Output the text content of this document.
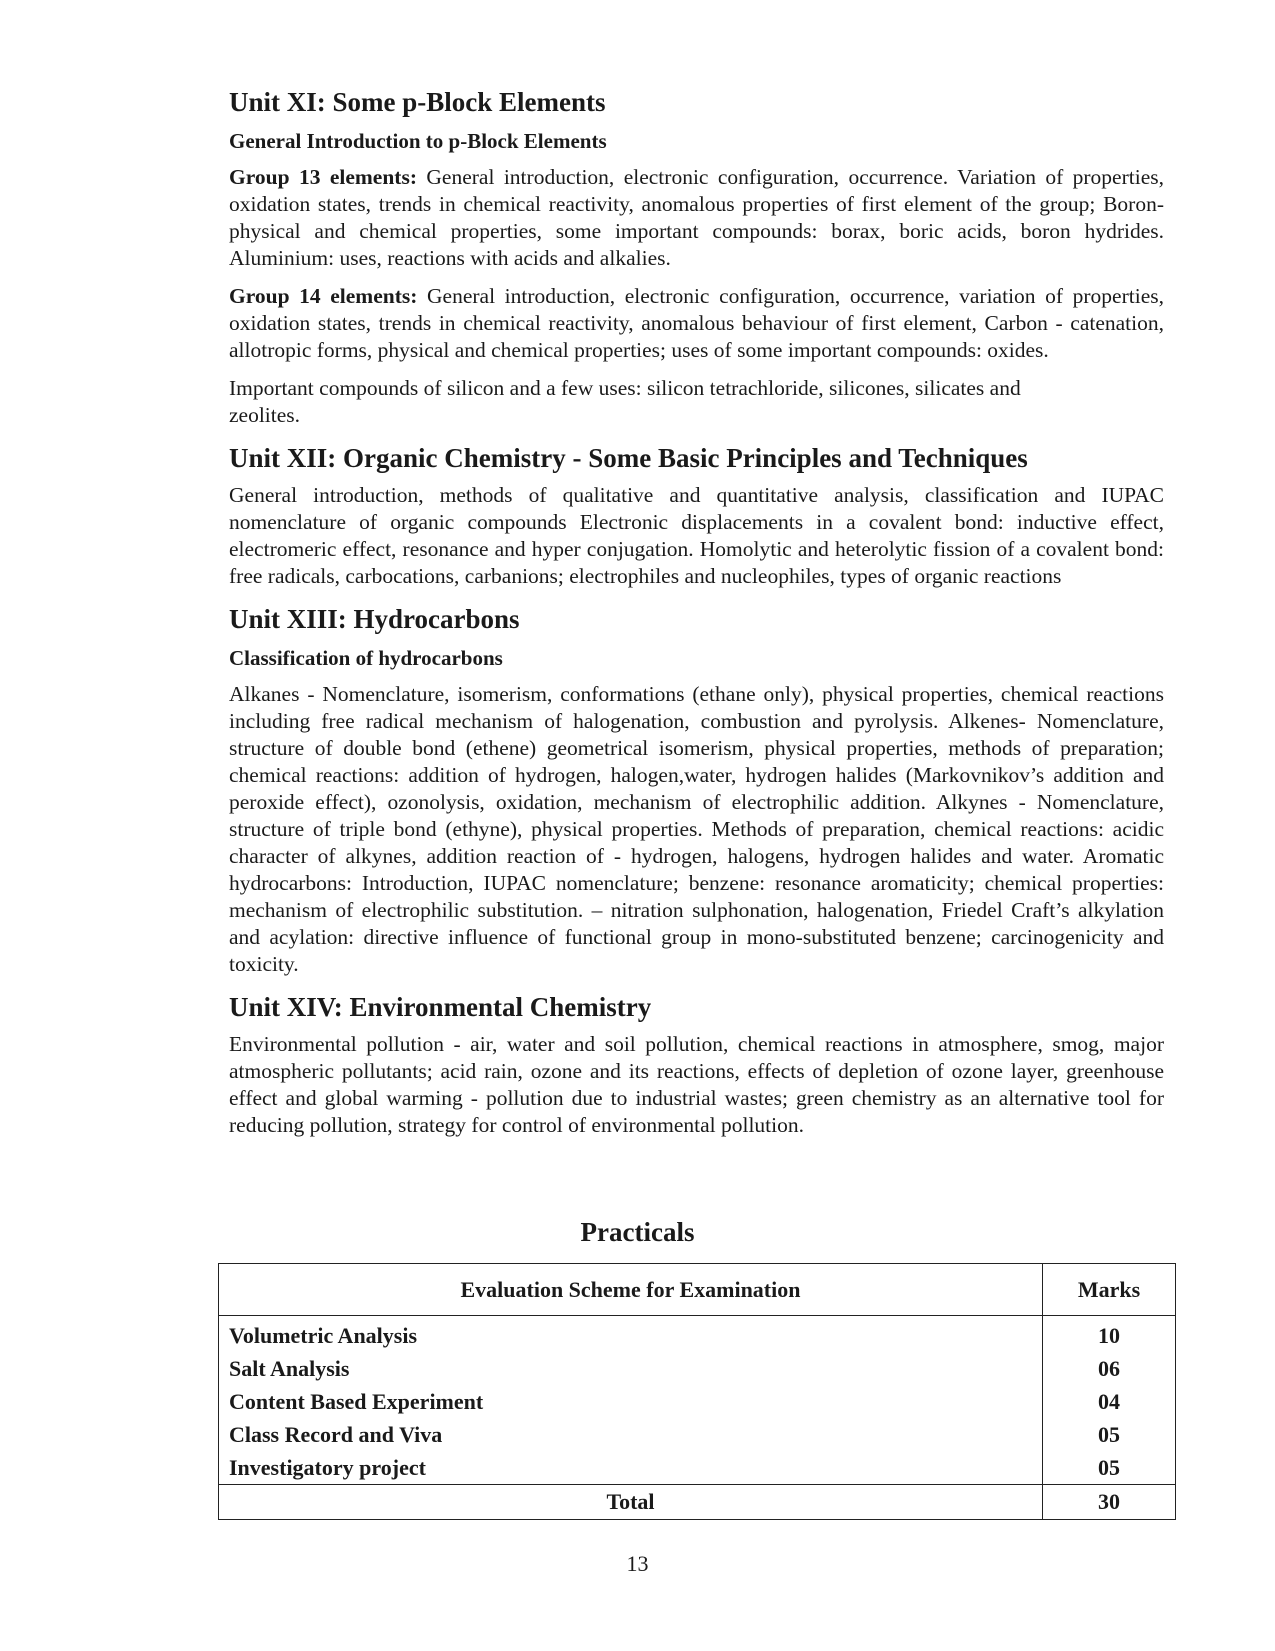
Unit XI: Some p-Block Elements
General Introduction to p-Block Elements

Group 13 elements: General introduction, electronic configuration, occurrence. Variation of properties, oxidation states, trends in chemical reactivity, anomalous properties of first element of the group; Boron- physical and chemical properties, some important compounds: borax, boric acids, boron hydrides. Aluminium: uses, reactions with acids and alkalies.

Group 14 elements: General introduction, electronic configuration, occurrence, variation of properties, oxidation states, trends in chemical reactivity, anomalous behaviour of first element, Carbon - catenation, allotropic forms, physical and chemical properties; uses of some important compounds: oxides.

Important compounds of silicon and a few uses: silicon tetrachloride, silicones, silicates and zeolites.

Unit XII: Organic Chemistry - Some Basic Principles and Techniques

General introduction, methods of qualitative and quantitative analysis, classification and IUPAC nomenclature of organic compounds Electronic displacements in a covalent bond: inductive effect, electromeric effect, resonance and hyper conjugation. Homolytic and heterolytic fission of a covalent bond: free radicals, carbocations, carbanions; electrophiles and nucleophiles, types of organic reactions

Unit XIII: Hydrocarbons
Classification of hydrocarbons

Alkanes - Nomenclature, isomerism, conformations (ethane only), physical properties, chemical reactions including free radical mechanism of halogenation, combustion and pyrolysis. Alkenes- Nomenclature, structure of double bond (ethene) geometrical isomerism, physical properties, methods of preparation; chemical reactions: addition of hydrogen, halogen,water, hydrogen halides (Markovnikov’s addition and peroxide effect), ozonolysis, oxidation, mechanism of electrophilic addition. Alkynes - Nomenclature, structure of triple bond (ethyne), physical properties. Methods of preparation, chemical reactions: acidic character of alkynes, addition reaction of - hydrogen, halogens, hydrogen halides and water. Aromatic hydrocarbons: Introduction, IUPAC nomenclature; benzene: resonance aromaticity; chemical properties: mechanism of electrophilic substitution. – nitration sulphonation, halogenation, Friedel Craft’s alkylation and acylation: directive influence of functional group in mono-substituted benzene; carcinogenicity and toxicity.

Unit XIV: Environmental Chemistry

Environmental pollution - air, water and soil pollution, chemical reactions in atmosphere, smog, major atmospheric pollutants; acid rain, ozone and its reactions, effects of depletion of ozone layer, greenhouse effect and global warming - pollution due to industrial wastes; green chemistry as an alternative tool for reducing pollution, strategy for control of environmental pollution.

Practicals
Evaluation Scheme for Examination	Marks
Volumetric Analysis	10
Salt Analysis	06
Content Based Experiment	04
Class Record and Viva	05
Investigatory project	05
Total	30
13
